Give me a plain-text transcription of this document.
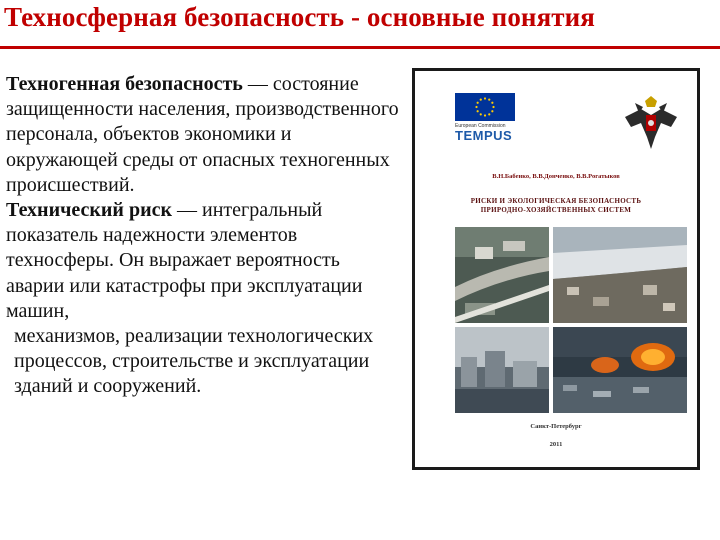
Техносферная безопасность - основные понятия

Техногенная безопасность — состояние защищенности населения, производственного персонала, объектов экономики и окружающей среды от опасных техногенных происшествий.

Технический риск — интегральный показатель надежности элементов техносферы. Он выражает вероятность аварии или катастрофы при эксплуатации машин,

механизмов, реализации технологических процессов, строительстве и эксплуатации зданий и сооружений.

European Commission
TEMPUS
В.Н.Бабенко, В.В.Донченко, В.В.Рогатыков
РИСКИ И ЭКОЛОГИЧЕСКАЯ БЕЗОПАСНОСТЬ
ПРИРОДНО-ХОЗЯЙСТВЕННЫХ СИСТЕМ
Санкт-Петербург
2011
